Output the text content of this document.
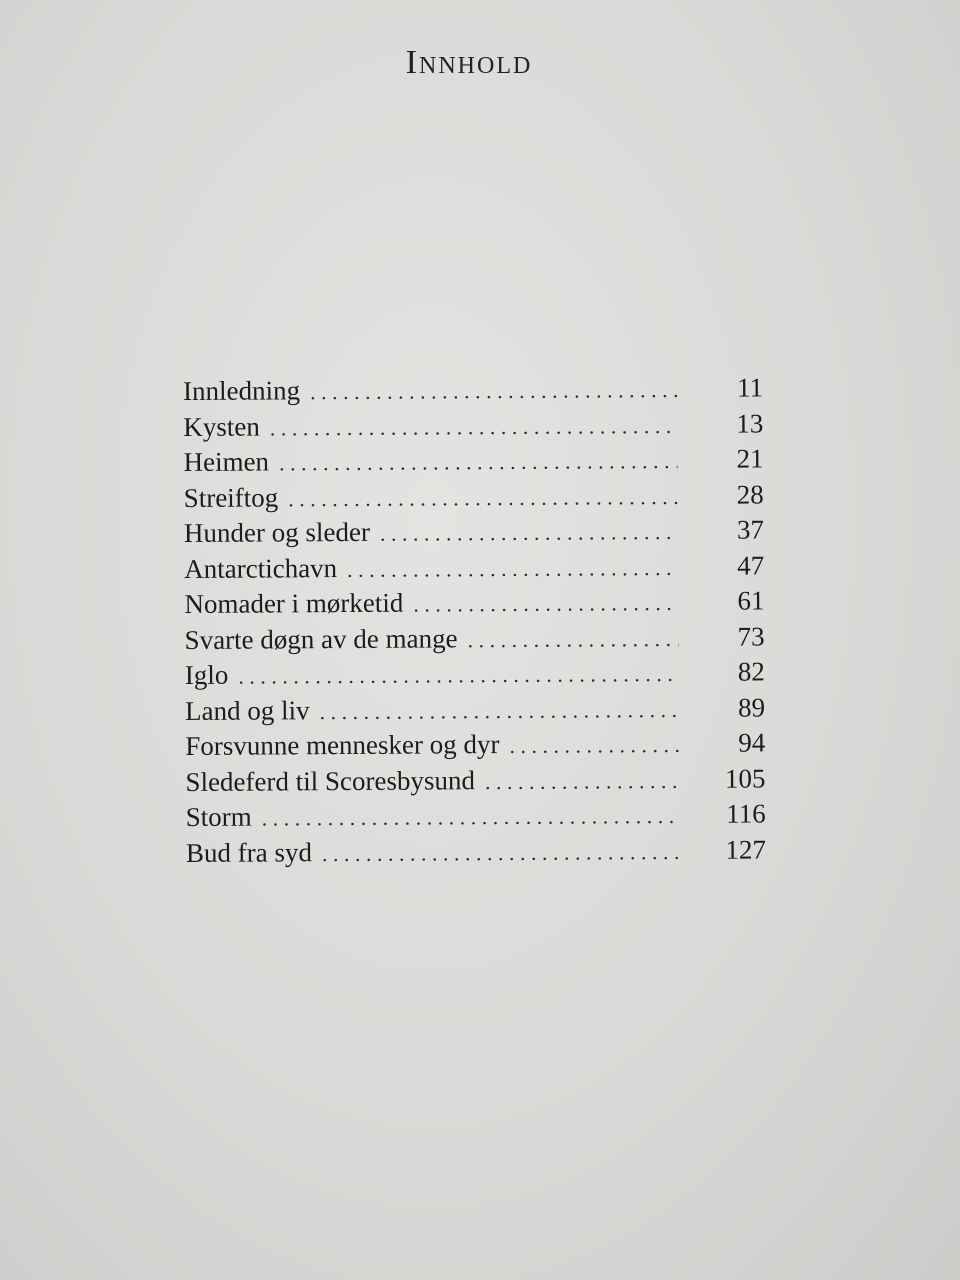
Innhold
Innledning . . .	11
Kysten . . .	13
Heimen . . .	21
Streiftog . . .	28
Hunder og sleder . . .	37
Antarctichavn . . .	47
Nomader i mørketid . . .	61
Svarte døgn av de mange . . .	73
Iglo . . .	82
Land og liv . . .	89
Forsvunne mennesker og dyr . . .	94
Sledeferd til Scoresbysund . . .	105
Storm . . .	116
Bud fra syd . . .	127
